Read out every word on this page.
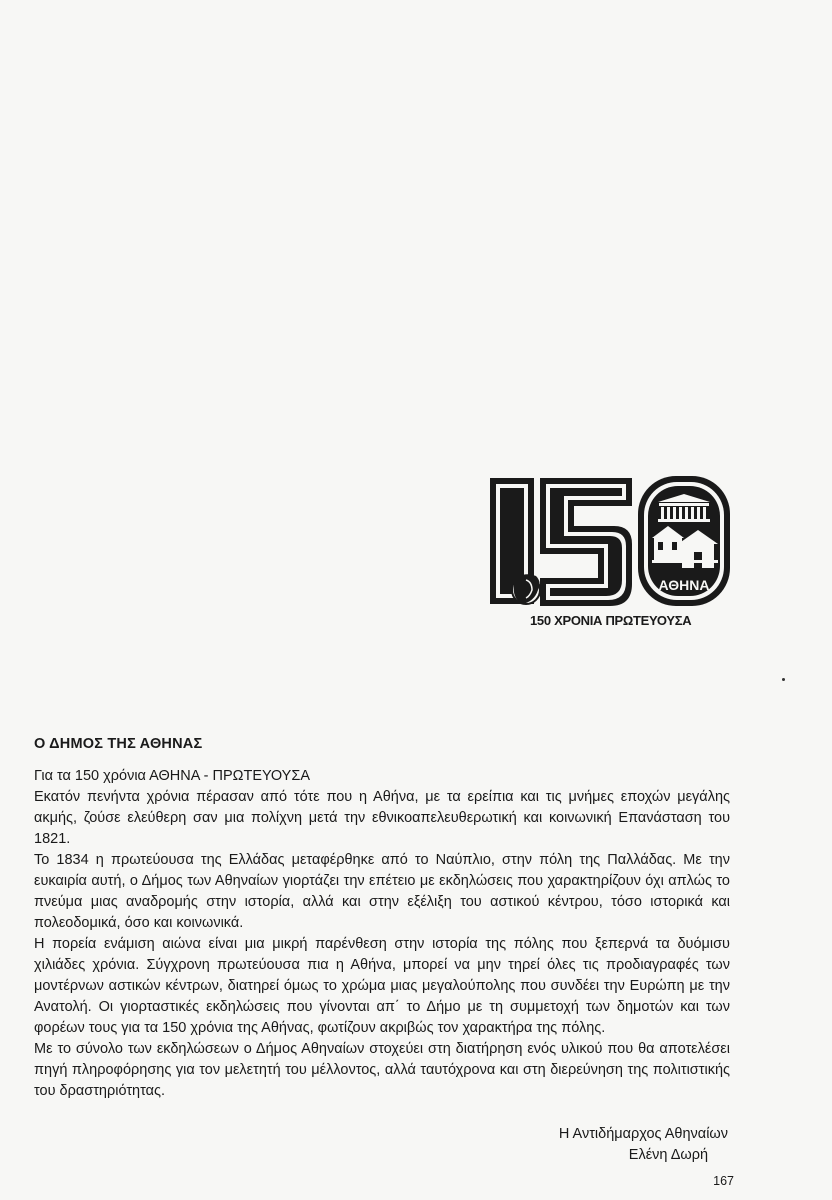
ΑΘΗΝΑ
150 ΧΡΟΝΙΑ ΠΡΩΤΕΥΟΥΣΑ
Ο ΔΗΜΟΣ ΤΗΣ ΑΘΗΝΑΣ

Για τα 150 χρόνια ΑΘΗΝΑ - ΠΡΩΤΕΥΟΥΣΑ

Εκατόν πενήντα χρόνια πέρασαν από τότε που η Αθήνα, με τα ερείπια και τις μνήμες εποχών μεγάλης ακμής, ζούσε ελεύθερη σαν μια πολίχνη μετά την εθνικοαπελευθερωτική και κοινωνική Επανάσταση του 1821.

Το 1834 η πρωτεύουσα της Ελλάδας μεταφέρθηκε από το Ναύπλιο, στην πόλη της Παλλάδας. Με την ευκαιρία αυτή, ο Δήμος των Αθηναίων γιορτάζει την επέτειο με εκδηλώσεις που χαρακτηρίζουν όχι απλώς το πνεύμα μιας αναδρομής στην ιστορία, αλλά και στην εξέλιξη του αστικού κέντρου, τόσο ιστορικά και πολεοδομικά, όσο και κοινωνικά.

Η πορεία ενάμιση αιώνα είναι μια μικρή παρένθεση στην ιστορία της πόλης που ξεπερνά τα δυόμισυ χιλιάδες χρόνια. Σύγχρονη πρωτεύουσα πια η Αθήνα, μπορεί να μην τηρεί όλες τις προδιαγραφές των μοντέρνων αστικών κέντρων, διατηρεί όμως το χρώμα μιας μεγαλούπολης που συνδέει την Ευρώπη με την Ανατολή. Οι γιορταστικές εκδηλώσεις που γίνονται απ΄ το Δήμο με τη συμμετοχή των δημοτών και των φορέων τους για τα 150 χρόνια της Αθήνας, φωτίζουν ακριβώς τον χαρακτήρα της πόλης.

Με το σύνολο των εκδηλώσεων ο Δήμος Αθηναίων στοχεύει στη διατήρηση ενός υλικού που θα αποτελέσει πηγή πληροφόρησης για τον μελετητή του μέλλοντος, αλλά ταυτόχρονα και στη διερεύνηση της πολιτιστικής του δραστηριότητας.

Η Αντιδήμαρχος Αθηναίων
Ελένη Δωρή
167
